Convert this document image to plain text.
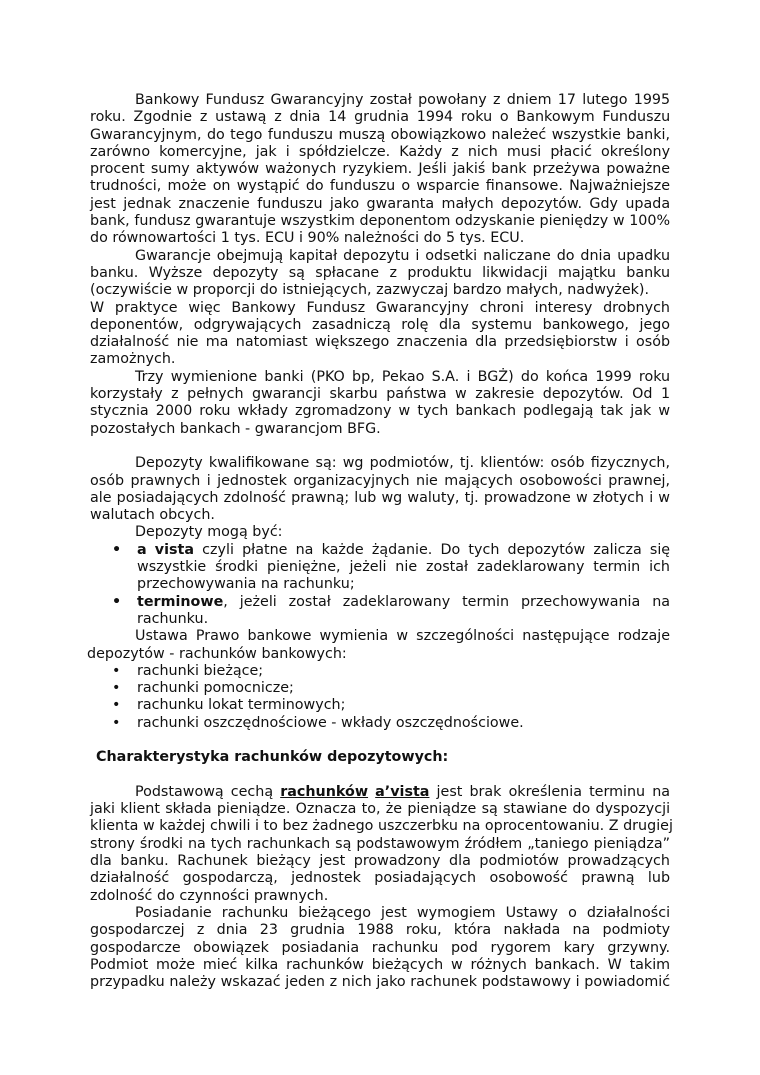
Bankowy Fundusz Gwarancyjny został powołany z dniem 17 lutego 1995
roku. Zgodnie z ustawą z dnia 14 grudnia 1994 roku o Bankowym Funduszu
Gwarancyjnym, do tego funduszu muszą obowiązkowo należeć wszystkie banki,
zarówno komercyjne, jak i spółdzielcze. Każdy z nich musi płacić określony
procent sumy aktywów ważonych ryzykiem. Jeśli jakiś bank przeżywa poważne
trudności, może on wystąpić do funduszu o wsparcie finansowe. Najważniejsze
jest jednak znaczenie funduszu jako gwaranta małych depozytów. Gdy upada
bank, fundusz gwarantuje wszystkim deponentom odzyskanie pieniędzy w 100%
do równowartości 1 tys. ECU i 90% należności do 5 tys. ECU.
Gwarancje obejmują kapitał depozytu i odsetki naliczane do dnia upadku
banku. Wyższe depozyty są spłacane z produktu likwidacji majątku banku
(oczywiście w proporcji do istniejących, zazwyczaj bardzo małych, nadwyżek).
W praktyce więc Bankowy Fundusz Gwarancyjny chroni interesy drobnych
deponentów, odgrywających zasadniczą rolę dla systemu bankowego, jego
działalność nie ma natomiast większego znaczenia dla przedsiębiorstw i osób
zamożnych.
Trzy wymienione banki (PKO bp, Pekao S.A. i BGŻ) do końca 1999 roku
korzystały z pełnych gwarancji skarbu państwa w zakresie depozytów. Od 1
stycznia 2000 roku wkłady zgromadzony w tych bankach podlegają tak jak w
pozostałych bankach - gwarancjom BFG.
Depozyty kwalifikowane są: wg podmiotów, tj. klientów: osób fizycznych,
osób prawnych i jednostek organizacyjnych nie mających osobowości prawnej,
ale posiadających zdolność prawną; lub wg waluty, tj. prowadzone w złotych i w
walutach obcych.
Depozyty mogą być:
• a vista czyli płatne na każde żądanie. Do tych depozytów zalicza się
wszystkie środki pieniężne, jeżeli nie został zadeklarowany termin ich
przechowywania na rachunku;
• terminowe, jeżeli został zadeklarowany termin przechowywania na
rachunku.
Ustawa Prawo bankowe wymienia w szczególności następujące rodzaje
depozytów - rachunków bankowych:
• rachunki bieżące;
• rachunki pomocnicze;
• rachunku lokat terminowych;
• rachunki oszczędnościowe - wkłady oszczędnościowe.
Charakterystyka rachunków depozytowych:
Podstawową cechą rachunków a’vista jest brak określenia terminu na
jaki klient składa pieniądze. Oznacza to, że pieniądze są stawiane do dyspozycji
klienta w każdej chwili i to bez żadnego uszczerbku na oprocentowaniu. Z drugiej
strony środki na tych rachunkach są podstawowym źródłem „taniego pieniądza”
dla banku. Rachunek bieżący jest prowadzony dla podmiotów prowadzących
działalność gospodarczą, jednostek posiadających osobowość prawną lub
zdolność do czynności prawnych.
Posiadanie rachunku bieżącego jest wymogiem Ustawy o działalności
gospodarczej z dnia 23 grudnia 1988 roku, która nakłada na podmioty
gospodarcze obowiązek posiadania rachunku pod rygorem kary grzywny.
Podmiot może mieć kilka rachunków bieżących w różnych bankach. W takim
przypadku należy wskazać jeden z nich jako rachunek podstawowy i powiadomić
